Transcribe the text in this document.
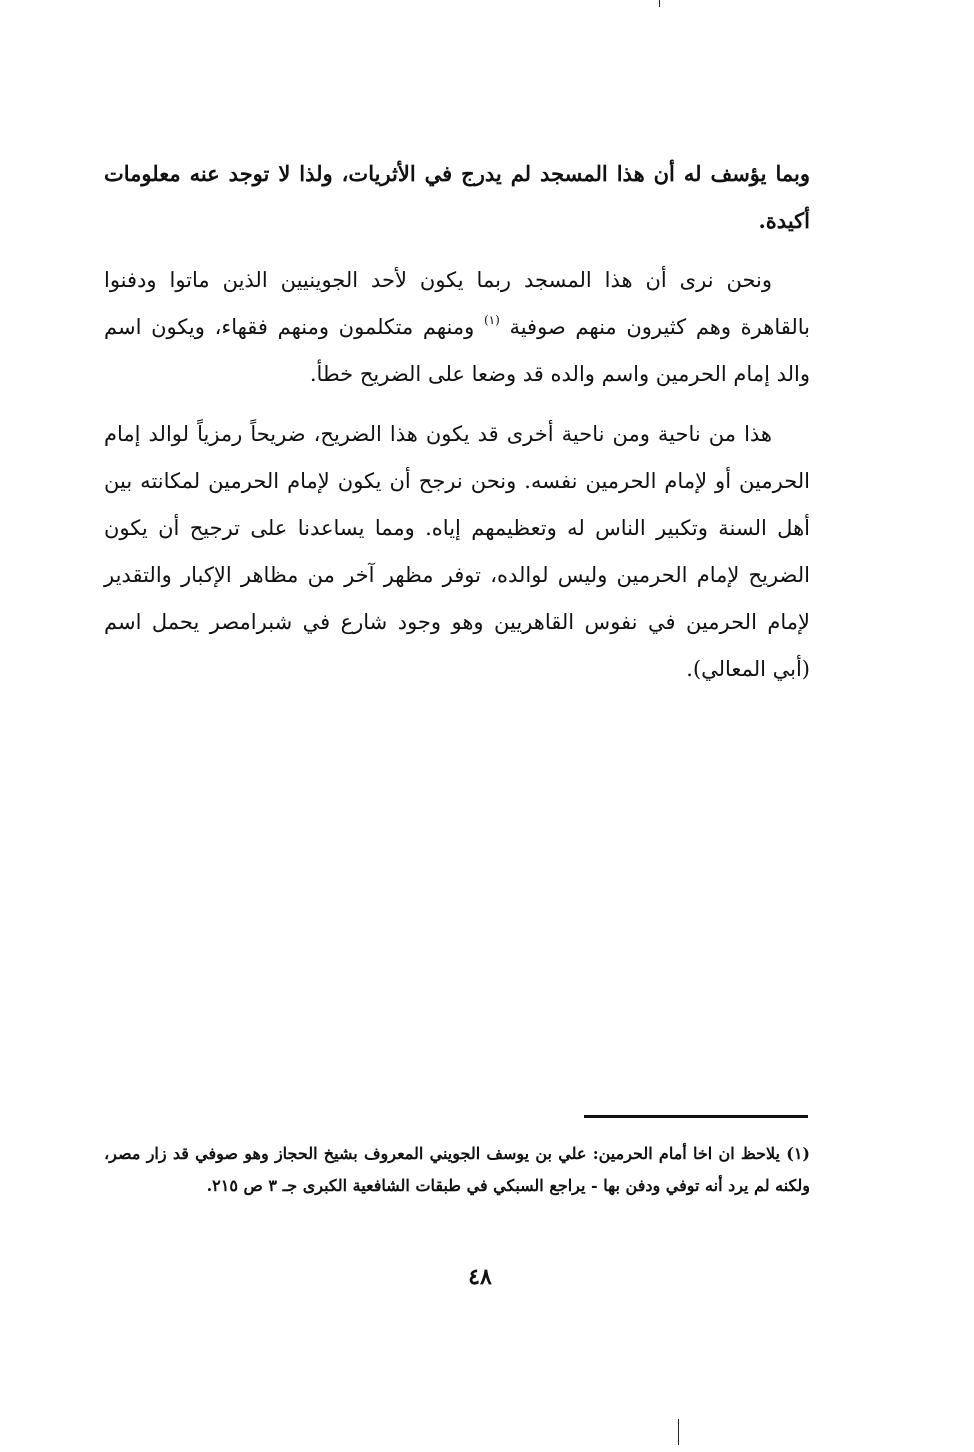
وبما يؤسف له أن هذا المسجد لم يدرج في الأثريات، ولذا لا توجد عنه معلومات أكيدة.

ونحن نرى أن هذا المسجد ربما يكون لأحد الجوينيين الذين ماتوا ودفنوا بالقاهرة وهم كثيرون منهم صوفية $^{(١)}$ ومنهم متكلمون ومنهم فقهاء، ويكون اسم والد إمام الحرمين واسم والده قد وضعا على الضريح خطأ.

هذا من ناحية ومن ناحية أخرى قد يكون هذا الضريح، ضريحاً رمزياً لوالد إمام الحرمين أو لإمام الحرمين نفسه. ونحن نرجح أن يكون لإمام الحرمين لمكانته بين أهل السنة وتكبير الناس له وتعظيمهم إياه. ومما يساعدنا على ترجيح أن يكون الضريح لإمام الحرمين وليس لوالده، توفر مظهر آخر من مظاهر الإكبار والتقدير لإمام الحرمين في نفوس القاهريين وهو وجود شارع في شبرامصر يحمل اسم (أبي المعالي).

(١) يلاحظ ان اخا أمام الحرمين: علي بن يوسف الجويني المعروف بشيخ الحجاز وهو صوفي قد زار مصر، ولكنه لم يرد أنه توفي ودفن بها - يراجع السبكي في طبقات الشافعية الكبرى جـ ٣ ص ٢١٥.
٤٨
